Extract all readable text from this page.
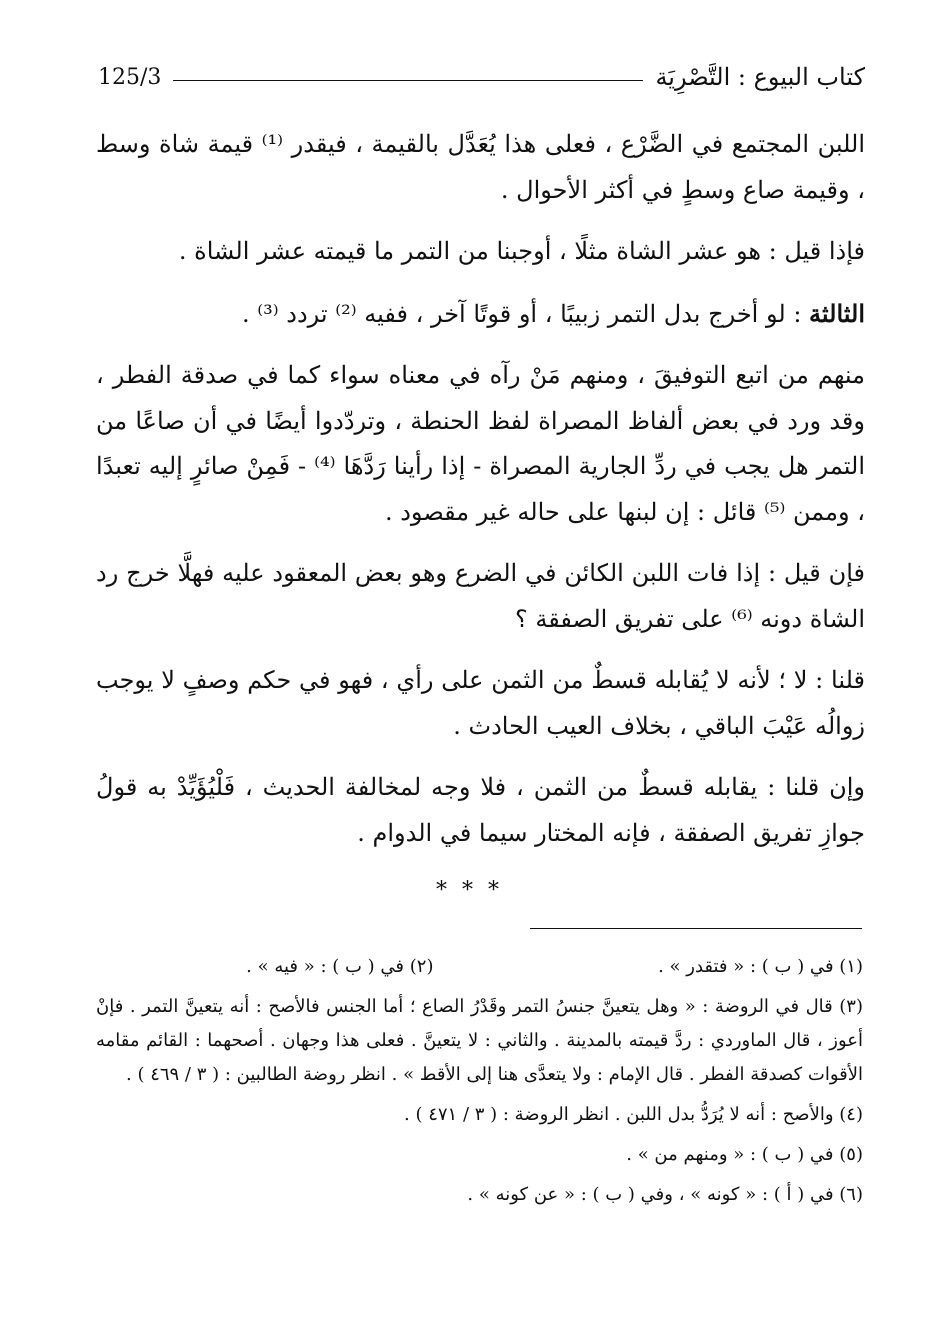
كتاب البيوع : التَّصْرِيَة
125/3

اللبن المجتمع في الضَّرْع ، فعلى هذا يُعَدَّل بالقيمة ، فيقدر ⁽¹⁾ قيمة شاة وسط ، وقيمة صاع وسطٍ في أكثر الأحوال .

فإذا قيل : هو عشر الشاة مثلًا ، أوجبنا من التمر ما قيمته عشر الشاة .

الثالثة : لو أخرج بدل التمر زبيبًا ، أو قوتًا آخر ، ففيه ⁽²⁾ تردد ⁽³⁾ .

منهم من اتبع التوفيقَ ، ومنهم مَنْ رآه في معناه سواء كما في صدقة الفطر ، وقد ورد في بعض ألفاظ المصراة لفظ الحنطة ، وتردّدوا أيضًا في أن صاعًا من التمر هل يجب في ردِّ الجارية المصراة - إذا رأينا رَدَّهَا ⁽⁴⁾ - فَمِنْ صائرٍ إليه تعبدًا ، وممن ⁽⁵⁾ قائل : إن لبنها على حاله غير مقصود .

فإن قيل : إذا فات اللبن الكائن في الضرع وهو بعض المعقود عليه فهلَّا خرج رد الشاة دونه ⁽⁶⁾ على تفريق الصفقة ؟

قلنا : لا ؛ لأنه لا يُقابله قسطٌ من الثمن على رأي ، فهو في حكم وصفٍ لا يوجب زوالُه عَيْبَ الباقي ، بخلاف العيب الحادث .

وإن قلنا : يقابله قسطٌ من الثمن ، فلا وجه لمخالفة الحديث ، فَلْيُؤَيِّدْ به قولُ جوازِ تفريق الصفقة ، فإنه المختار سيما في الدوام .

* * *
(١) في ( ب ) : « فتقدر » .
(٢) في ( ب ) : « فيه » .

(٣) قال في الروضة : « وهل يتعينَّ جنسُ التمر وقَدْرُ الصاع ؛ أما الجنس فالأصح : أنه يتعينَّ التمر . فإنْ أعوز ، قال الماوردي : ردَّ قيمته بالمدينة . والثاني : لا يتعينَّ . فعلى هذا وجهان . أصحهما : القائم مقامه الأقوات كصدقة الفطر . قال الإمام : ولا يتعدَّى هنا إلى الأقط » . انظر روضة الطالبين : ( ٣ / ٤٦٩ ) .

(٤) والأصح : أنه لا يُرَدُّ بدل اللبن . انظر الروضة : ( ٣ / ٤٧١ ) .

(٥) في ( ب ) : « ومنهم من » .

(٦) في ( أ ) : « كونه » ، وفي ( ب ) : « عن كونه » .
